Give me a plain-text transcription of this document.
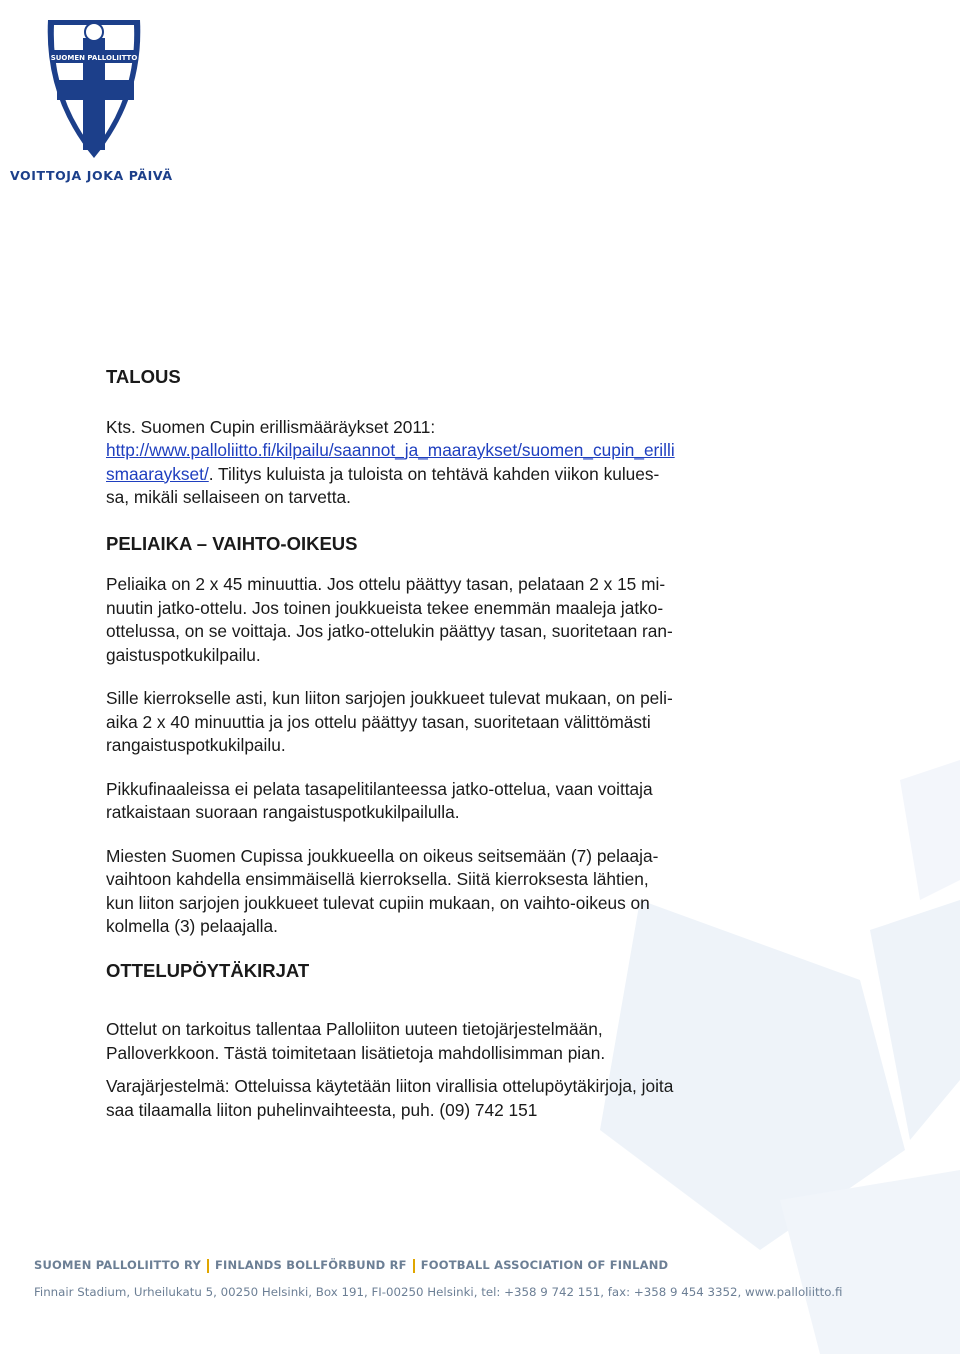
SUOMEN PALLOLIITTO
VOITTOJA JOKA PÄIVÄ
TALOUS
Kts. Suomen Cupin erillismääräykset 2011:
http://www.palloliitto.fi/kilpailu/saannot_ja_maaraykset/suomen_cupin_erilli
smaaraykset/. Tilitys kuluista ja tuloista on tehtävä kahden viikon kulues-
sa, mikäli sellaiseen on tarvetta.
PELIAIKA – VAIHTO-OIKEUS
Peliaika on 2 x 45 minuuttia. Jos ottelu päättyy tasan, pelataan 2 x 15 mi-
nuutin jatko-ottelu. Jos toinen joukkueista tekee enemmän maaleja jatko-
ottelussa, on se voittaja. Jos jatko-ottelukin päättyy tasan, suoritetaan ran-
gaistuspotkukilpailu.
Sille kierrokselle asti, kun liiton sarjojen joukkueet tulevat mukaan, on peli-
aika 2 x 40 minuuttia ja jos ottelu päättyy tasan, suoritetaan välittömästi
rangaistuspotkukilpailu.
Pikkufinaaleissa ei pelata tasapelitilanteessa jatko-ottelua, vaan voittaja
ratkaistaan suoraan rangaistuspotkukilpailulla.
Miesten Suomen Cupissa joukkueella on oikeus seitsemään (7) pelaaja-
vaihtoon kahdella ensimmäisellä kierroksella. Siitä kierroksesta lähtien,
kun liiton sarjojen joukkueet tulevat cupiin mukaan, on vaihto-oikeus on
kolmella (3) pelaajalla.
OTTELUPÖYTÄKIRJAT
Ottelut on tarkoitus tallentaa Palloliiton uuteen tietojärjestelmään,
Palloverkkoon. Tästä toimitetaan lisätietoja mahdollisimman pian.
Varajärjestelmä: Otteluissa käytetään liiton virallisia ottelupöytäkirjoja, joita
saa tilaamalla liiton puhelinvaihteesta, puh. (09) 742 151
SUOMEN PALLOLIITTO RY FINLANDS BOLLFÖRBUND RF FOOTBALL ASSOCIATION OF FINLAND
Finnair Stadium, Urheilukatu 5, 00250 Helsinki, Box 191, FI-00250 Helsinki, tel: +358 9 742 151, fax: +358 9 454 3352, www.palloliitto.fi
